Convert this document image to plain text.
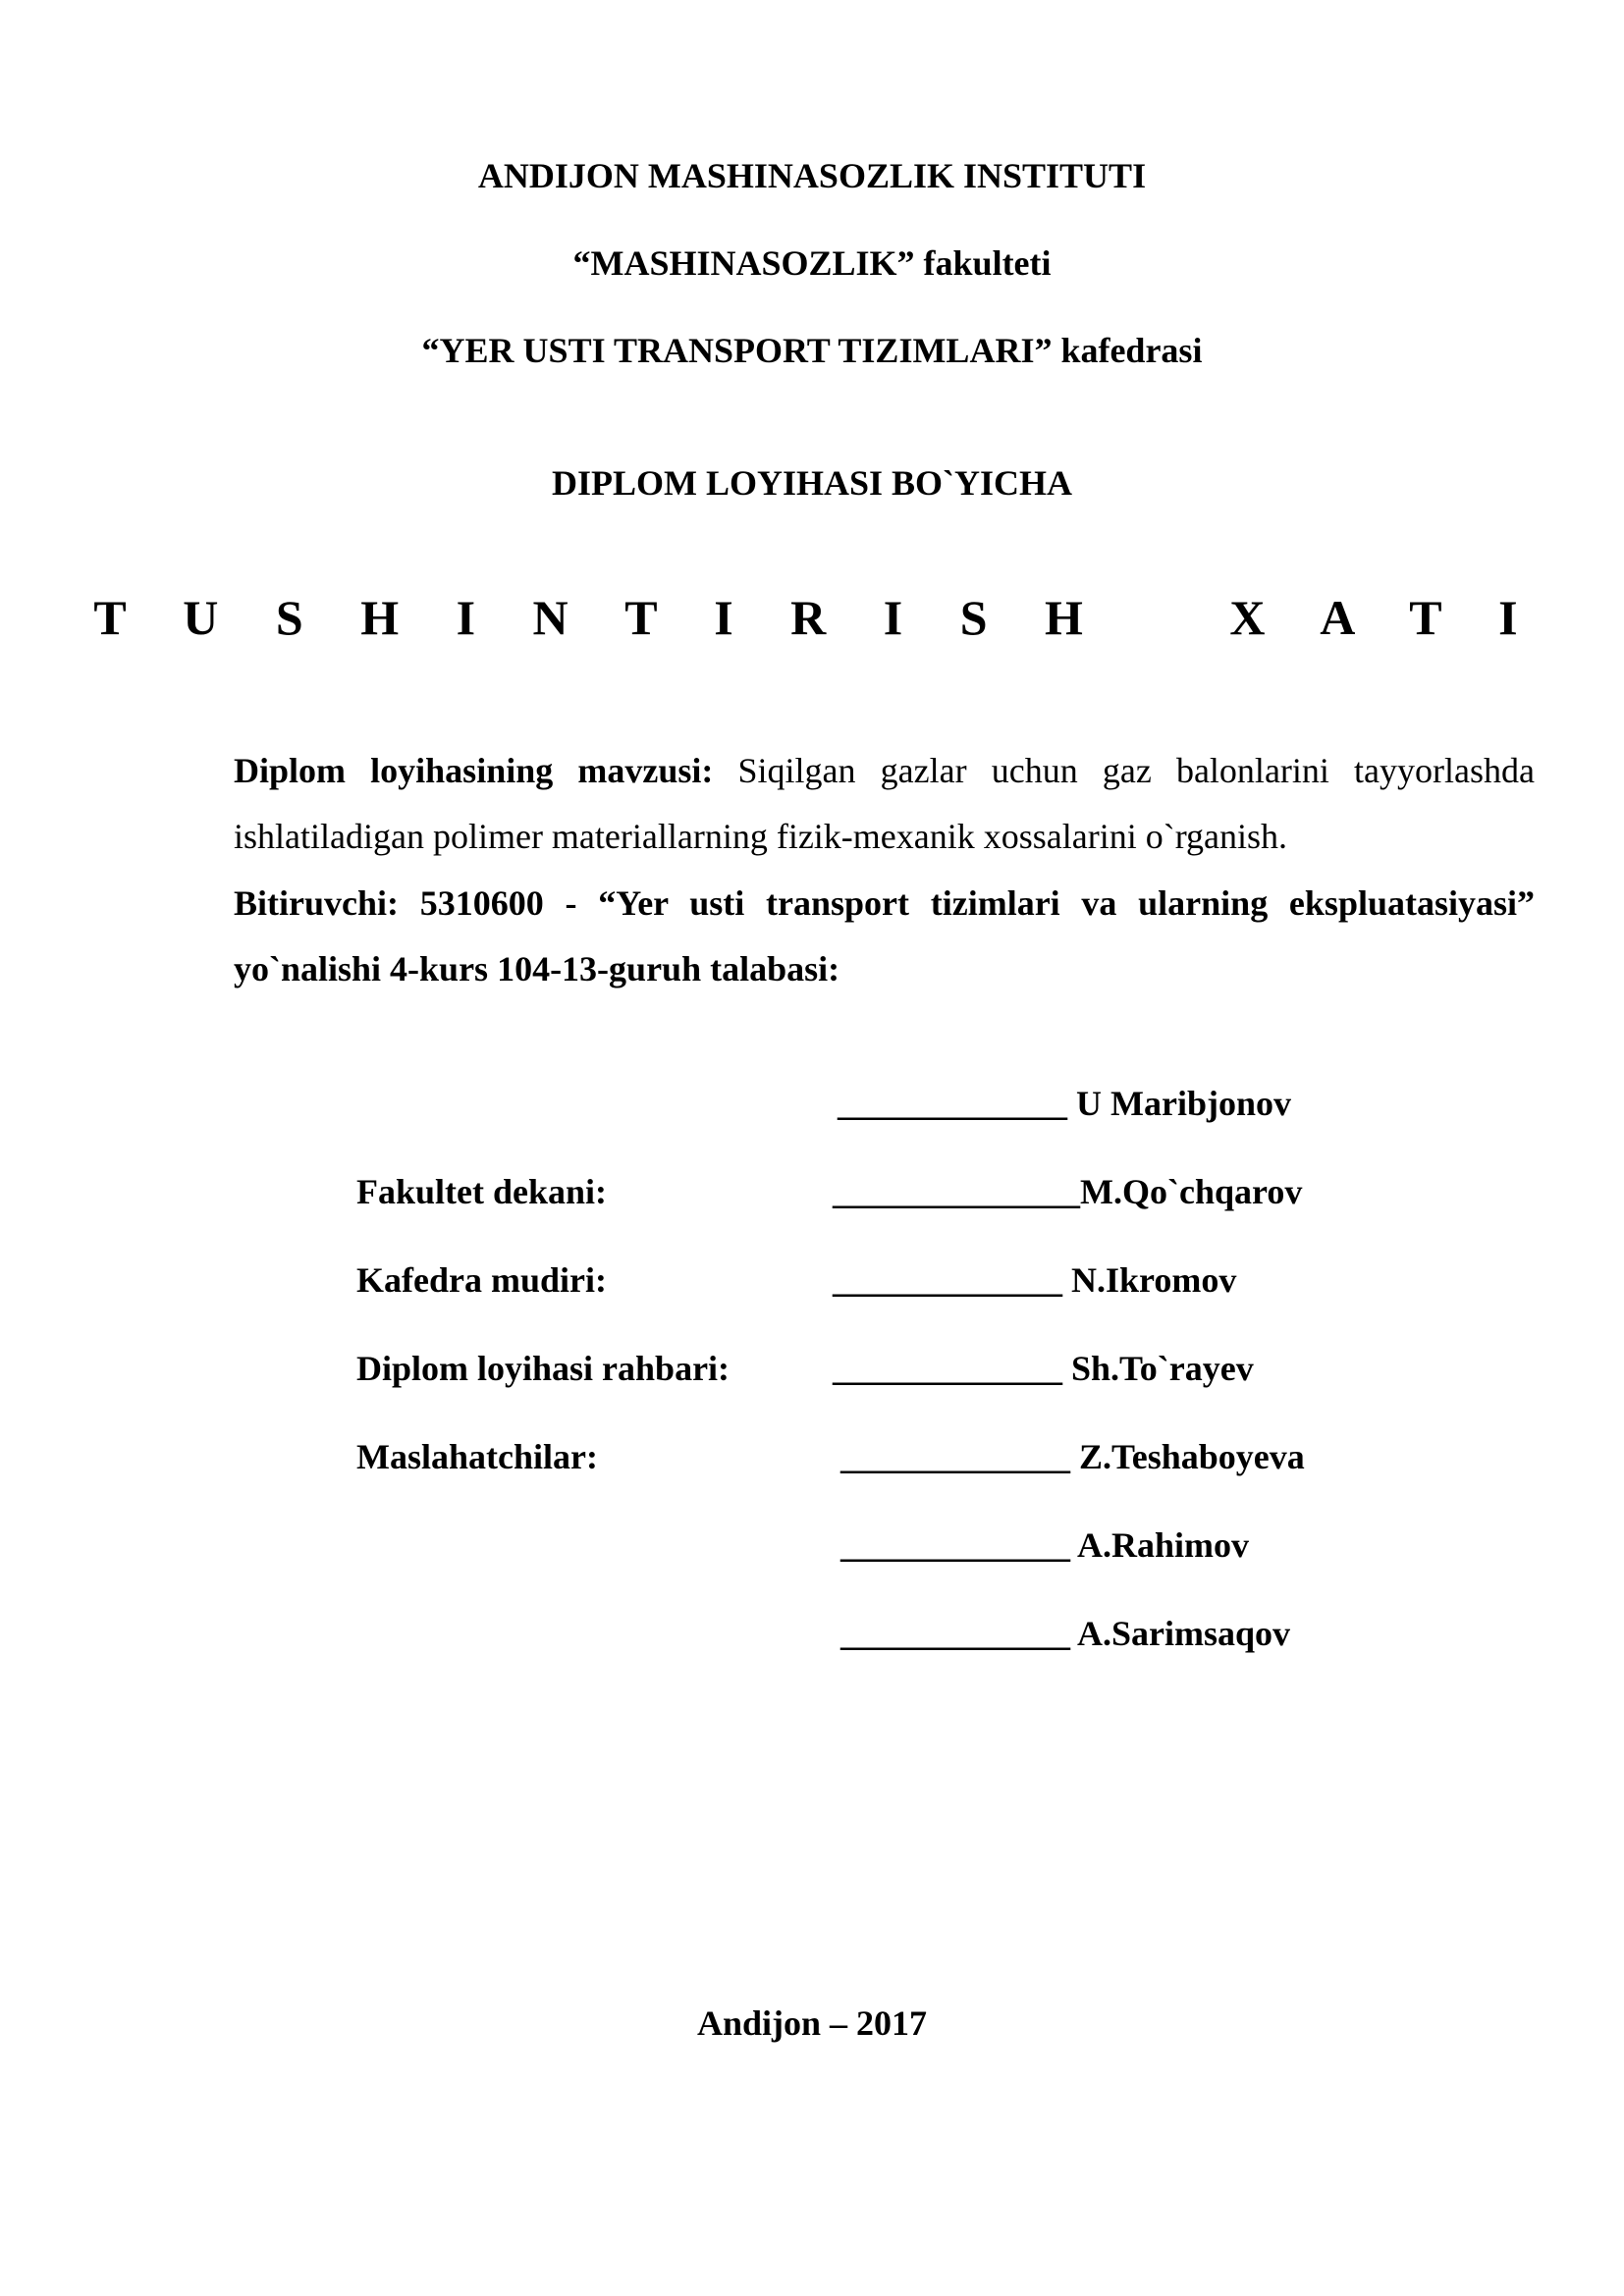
ANDIJON MASHINASOZLIK INSTITUTI
“MASHINASOZLIK” fakulteti
“YER USTI TRANSPORT TIZIMLARI” kafedrasi
DIPLOM LOYIHASI BO`YICHA
T U S H I N T I R I S H   X A T I
Diplom loyihasining mavzusi: Siqilgan gazlar uchun gaz balonlarini tayyorlashda ishlatiladigan polimer materiallarning fizik-mexanik xossalarini o`rganish.
Bitiruvchi: 5310600 - “Yer usti transport tizimlari va ularning ekspluatasiyasi” yo`nalishi 4-kurs 104-13-guruh talabasi:
_____________ U Maribjonov
Fakultet dekani:	______________M.Qo`chqarov
Kafedra mudiri:	_____________ N.Ikromov
Diplom loyihasi rahbari:	_____________ Sh.To`rayev
Maslahatchilar:	_____________ Z.Teshaboyeva
_____________ A.Rahimov
_____________ A.Sarimsaqov
Andijon – 2017
